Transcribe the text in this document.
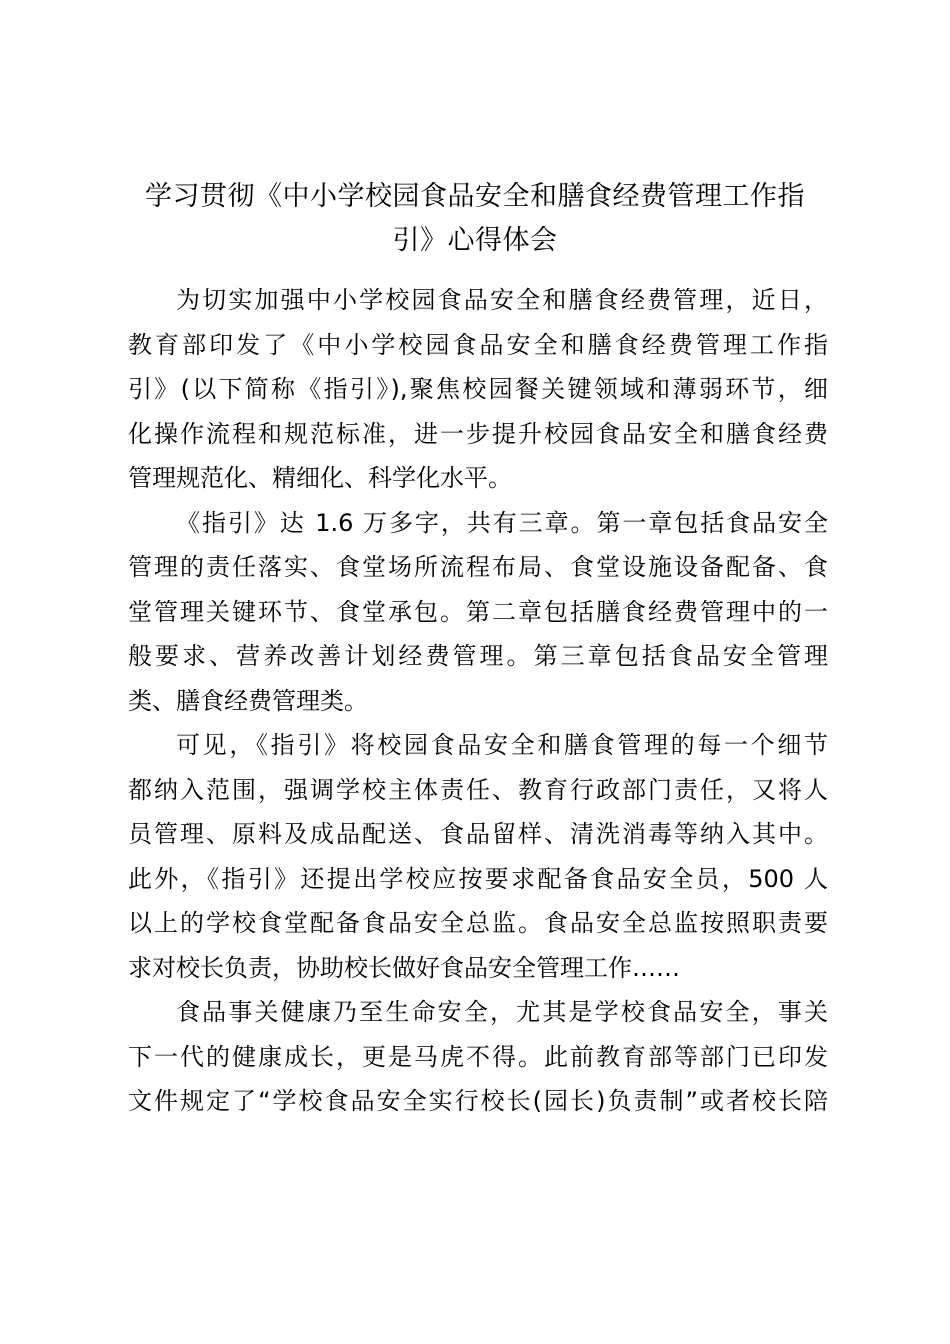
学习贯彻《中小学校园食品安全和膳食经费管理工作指
引》心得体会

为切实加强中小学校园食品安全和膳食经费管理，近日，
教育部印发了《中小学校园食品安全和膳食经费管理工作指
引》(以下简称《指引》),聚焦校园餐关键领域和薄弱环节，细
化操作流程和规范标准，进一步提升校园食品安全和膳食经费
管理规范化、精细化、科学化水平。

《指引》达 1.6 万多字，共有三章。第一章包括食品安全
管理的责任落实、食堂场所流程布局、食堂设施设备配备、食
堂管理关键环节、食堂承包。第二章包括膳食经费管理中的一
般要求、营养改善计划经费管理。第三章包括食品安全管理
类、膳食经费管理类。

可见，《指引》将校园食品安全和膳食管理的每一个细节
都纳入范围，强调学校主体责任、教育行政部门责任，又将人
员管理、原料及成品配送、食品留样、清洗消毒等纳入其中。
此外，《指引》还提出学校应按要求配备食品安全员，500 人
以上的学校食堂配备食品安全总监。食品安全总监按照职责要
求对校长负责，协助校长做好食品安全管理工作……

食品事关健康乃至生命安全，尤其是学校食品安全，事关
下一代的健康成长，更是马虎不得。此前教育部等部门已印发
文件规定了“学校食品安全实行校长(园长)负责制”或者校长陪
